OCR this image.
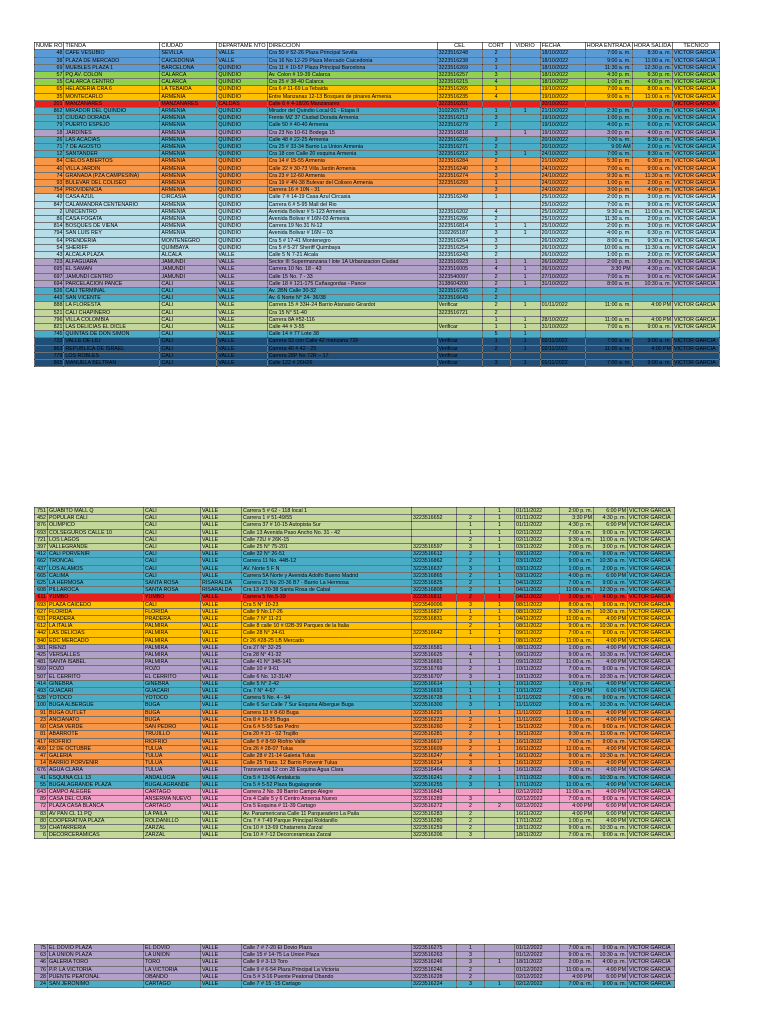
NUME RO	TIENDA	CIUDAD	DEPARTAME NTO	DIRECCION	CEL	CORT	VIDRIO	FECHA	HORA ENTRADA	HORA SALIDA	TECNICO
48	CAFE VESUBIO	SEVILLA	VALLE	Cra 50 # 52-26 Plaza Principal Sevilla	3223516248	2		18/10/2022	7:00 a. m.	8:30 a. m.	VICTOR GARCIA
38	PLAZA DE MERCADO	CAICEDONIA	VALLE	Cra 16 No 12-29 Plaza Mercado Caicedonia	3223516238	3		18/10/2022	9:00 a. m.	11:00 a. m.	VICTOR GARCIA
69	MUEBLES PLAZA 1	BARCELONA	QUINDIO	Cra 11 # 10-57 Plaza Principal Barcelona	3223516269	1		18/10/2022	11:30 a. m.	12:30 p. m.	VICTOR GARCIA
57	PQ AV. COLON	CALARCA	QUINDIO	Av. Colon # 19-39 Calarca	3223516257	3		18/10/2022	4:30 p. m.	6:30 p. m.	VICTOR GARCIA
15	CALARCA CENTRO	CALARCA	QUINDIO	Cra 25 # 38-40 Calarca	3223516215	4		18/10/2022	1:00 p. m.	4:00 p. m.	VICTOR GARCIA
65	HELADERIA CRA 6	LA TEBAIDA	QUINDIO	Cra 6 # 11-69 La Tebaida	3223516265	1		19/10/2022	7:00 a. m.	8:00 a. m.	VICTOR GARCIA
35	MONTECARLO	ARMENIA	QUINDIO	Entre Manzanas 12-13 Bosques de pinares Armenia	3223516235	4		19/10/2022	9:00 a. m.	11:00 a. m.	VICTOR GARCIA
201	MANZANARES	MANZANARES	CALDAS	Calle 6 # 4-18/26 Manzanares	3223516201			20/10/2022			VICTOR GARCIA
862	MIRADOR DEL QUINDIO	ARMENIA	QUINDIO	Mirador del Quindio Local 01 - Etapa II	3102265757	1	1	21/10/2022	2:30 p. m.	5:00 p. m.	VICTOR GARCIA
13	CIUDAD DORADA	ARMENIA	QUINDIO	Frente MZ 37 Ciudad Dorada Armenia	3223516213	3		19/10/2022	1:00 p. m.	3:00 p. m.	VICTOR GARCIA
79	PUERTO ESPEJO	ARMENIA	QUINDIO	Calle 50 # 40-40 Armenia	3223516279	2		19/10/2022	4:00 p. m.	6:00 p. m.	VICTOR GARCIA
18	JARDINES	ARMENIA	QUINDIO	Cra 23 No 10-61 Bodega 15	3223516818		1	19/10/2022	3:00 p. m.	4:00 p. m.	VICTOR GARCIA
26	LAS ACACIAS	ARMENIA	QUINDIO	Calle 48 # 22-25 Armenia	3223516226	3		20/10/2022	7:00 a. m.	8:30 a. m.	VICTOR GARCIA
71	7 DE AGOSTO	ARMENIA	QUINDIO	Cra 25 # 33-34 Barrio La Union Armenia	3223516271	2		20/10/2022	9:00 AM	2:00 p. m.	VICTOR GARCIA
12	SANTANDER	ARMENIA	QUINDIO	Cra 18 con Calle 20 esquina Armenia	3223516212	3	1	24/10/2022	7:00 a. m.	8:30 a. m.	VICTOR GARCIA
84	CIELOS ABIERTOS	ARMENIA	QUINDIO	Cra 14 # 15-55 Armenia	3223516284	2		21/10/2022	5:30 p. m.	6:30 p. m.	VICTOR GARCIA
40	VILLA JARDIN	ARMENIA	QUINDIO	Calle 22 # 30-73 Villa Jardin Armenia	3223516240	3		24/10/2022	7:00 a. m.	9:00 a. m.	VICTOR GARCIA
74	GRANADA (PZA CAMPESINA)	ARMENIA	QUINDIO	Cra 23 # 12-60 Armenia	3223516274	3		24/10/2022	9:30 a. m.	11:30 a. m.	VICTOR GARCIA
93	BULEVAR DEL COLISEO	ARMENIA	QUINDIO	Cra 19 # 4N-38 Bulevar del Coliseo Armenia	3223516293	1		24/10/2022	1:00 p. m.	2:00 p. m.	VICTOR GARCIA
754	PROVIDENCIA	ARMENIA	QUINDIO	Carrera 16 # 10N - 31		3		24/10/2022	3:00 p. m.	4:00 p. m.	VICTOR GARCIA
49	CASA AZUL	CIRCASIA	QUINDIO	Calle 7 # 14-19 Casa Azul Circasia	3223516249	1		25/10/2022	2:00 p. m.	3:00 p. m.	VICTOR GARCIA
847	CALAMANDRA CENTENARIO	ARMENIA	QUINDIO	Carrera 6 # 5-95 Mall del Rio				25/10/2022	7:00 a. m.	9:00 a. m.	VICTOR GARCIA
2	UNICENTRO	ARMENIA	QUINDIO	Avenida Bolivar # 5-123 Armenia	3223516202	4		25/10/2022	9:30 a. m.	11:00 a. m.	VICTOR GARCIA
86	CASA FOGATA	ARMENIA	QUINDIO	Avenida Bolivar # 16N-03 Armenia	3223516286	2		25/10/2022	11:30 a. m.	2:00 p. m.	VICTOR GARCIA
814	BOSQUES DE VIENA	ARMENIA	QUINDIO	Carrera 19 No.31 N-12	3223516814	1	1	25/10/2022	2:00 p. m.	3:00 p. m.	VICTOR GARCIA
794	SAN LUIS REY	ARMENIA	QUINDIO	Avenida Bolivar # 16N – 03	3102265187	3	1	20/10/2022	4:00 p. m.	6:30 p. m.	VICTOR GARCIA
64	PRENDERIA	MONTENEGRO	QUINDIO	Cra 5 # 17-41 Montenegro	3223516264	3		26/10/2022	8:00 a. m.	9:30 a. m.	VICTOR GARCIA
54	SHERIFF	QUIMBAYA	QUINDIO	Cra 5 # 5-27 Sheriff Quimbaya	3223516254	3		26/10/2022	10:00 a. m.	11:30 a. m.	VICTOR GARCIA
43	ALCALA PLAZA	ALCALA	VALLE	Calle 5 N 7-21 Alcala	3223516243	2		26/10/2022	1:00 p. m.	2:00 p. m.	VICTOR GARCIA
723	ALFAGUARA	JAMUNDI	VALLE	Sector III Supermanzana I lote 1A Urbanizacion Ciudad	3223516923	1	1	26/10/2022	2:00 p. m.	3:00 p. m.	VICTOR GARCIA
695	EL SAMAN	JAMUNDI	VALLE	Carrera 10 No. 18 - 43	3223516005	4	1	26/10/2022	3:30 PM	4:30 p. m.	VICTOR GARCIA
697	JAMUNDI CENTRO	JAMUNDI	VALLE	Calle 15 No. 7 - 33	3223540097	2	1	27/10/2022	7:00 a. m.	9:00 a. m.	VICTOR GARCIA
694	PARCELACION PANCE	CALI	VALLE	Calle 18 # 121-175 Cañasgordas - Pance	3138604200	2	1	31/10/2022	8:00 a. m.	10:30 a. m.	VICTOR GARCIA
526	CALI TERMINAL	CALI	VALLE	Av. 2BN Calle 30-32	3223516726	2					
443	SAN VICENTE	CALI	VALLE	Av. 6 Norte N° 24- 36/38	3223516643	2					
888	LA FLORESTA	CALI	VALLE	Carrera 15 # 33H-24 Barrio Atanasio Girardot	Verificar	2	1	01/11/2022	11:00 a. m.	4:00 PM	VICTOR GARCIA
521	CALI CHAPINERO	CALI	VALLE	Cra 15 N° 51-40	3223516721	2					
796	VILLA COLOMBIA	CALI	VALLE	Carrera 8A #52-116		1	1	28/10/2022	11:00 a. m.	4:00 PM	VICTOR GARCIA
821	LAS DELICIAS EL DICLE	CALI	VALLE	Calle 44 # 3-55	Verificar	1	1	31/10/2022	7:00 a. m.	9:00 a. m.	VICTOR GARCIA
745	QUINTAS DE DON SIMON	CALI	VALLE	Calle 14 # 77 Lote 38		5	1				
722	VALLE DE LILI	CALI	VALLE	Carrera 93 con Calle 42 manzana 72F	Verificar	1	1	02/11/2022	7:00 a. m.	9:00 a. m.	VICTOR GARCIA
863	REPUBLICA DE ISRAEL	CALI	VALLE	Carrera 40 # 42 - 25	Verificar	2	1	02/11/2022	11:00 a. m.	4:00 PM	VICTOR GARCIA
779	LOS ROBLES	CALI	VALLE	Carrera 28P No 72R – 17	Verificar						
865	MANUELA BELTRAN	CALI	VALLE	Calle 122 # 26H26	Verificar	3	1	01/11/2022	7:00 a. m.	9:00 a. m.	VICTOR GARCIA
751	GUABITO MALL Q	CALI	VALLE	Carrera 5 # 62 - 118 local 1			1	01/11/2022	2:00 p. m.	6:00 PM	VICTOR GARCIA
452	POPULAR CALI	CALI	VALLE	Carrera 1 # 51-49/55	3223516652	2	1	01/11/2022	3:30 PM	4:30 p. m.	VICTOR GARCIA
876	OLIMPICO	CALI	VALLE	Carrera 37 # 10-15 Autopista Sur		1	1	01/11/2022	4:30 p. m.	6:00 PM	VICTOR GARCIA
693	COLSEGUROS CALLE 10	CALI	VALLE	Calle 13 Avenida Paso Ancho No. 31 - 42		1	1	02/11/2022	7:00 a. m.	9:00 a. m.	VICTOR GARCIA
721	LOS LAGOS	CALI	VALLE	Calle 72U # 26K-15		2	1	02/11/2022	9:30 a. m.	11:00 a. m.	VICTOR GARCIA
397	VALLEGRANDE	CALI	VALLE	Calle 25 N° 75-201	3223516597	3	1	03/11/2022	2:00 p. m.	3:00 p. m.	VICTOR GARCIA
412	CALI PORVENIR	CALI	VALLE	Calle 32 N° 26-51	3223516612	2	1	03/11/2022	7:00 a. m.	9:00 a. m.	VICTOR GARCIA
662	TRONCAL	CALI	VALLE	Carrera 11 No. 44B-12	3223516862	2	1	03/11/2022	9:00 a. m.	10:30 a. m.	VICTOR GARCIA
437	LOS ALAMOS	CALI	VALLE	AV. Norte 5 F N	3223516637	3	1	03/11/2022	1:00 p. m.	2:00 p. m.	VICTOR GARCIA
665	CALIMA	CALI	VALLE	Carrera 5A Norte y Avenida Adolfo Bueno Madrid	3223516865	2	1	03/11/2022	4:00 p. m.	6:00 PM	VICTOR GARCIA
625	LA HERMOSA	SANTA ROSA	RISARALDA	Carrera 21 No 20-36 B7 - Barrio La Hermosa	3223516825	2	1	04/11/2022	7:00 a. m.	9:00 a. m.	VICTOR GARCIA
608	PILLAROCA	SANTA ROSA	RISARALDA	Cra 13 # 20-38 Santa Rosa de Cabal	3223516808	2	1	04/11/2022	11:00 a. m.	12:30 p. m.	VICTOR GARCIA
611	YUMBO	YUMBO	VALLE	Carrera 5 No.5-39	3223516811	2	1	04/11/2022	2:00 p. m.	4:00 p. m.	VICTOR GARCIA
693	PLAZA CAICEDO	CALI	VALLE	Cra 5 N° 10-23	3223549006	3	1	08/11/2022	8:00 a. m.	9:00 a. m.	VICTOR GARCIA
627	FLORIDA	FLORIDA	VALLE	Calle 9 No.17-26	3223516827	1	1	08/11/2022	9:30 a. m.	10:30 a. m.	VICTOR GARCIA
631	PRADERA	PRADERA	VALLE	Calle 7 N° 11-21	3223516831	2	1	04/11/2022	11:00 a. m.	4:00 PM	VICTOR GARCIA
612	LA ITALIA	PALMIRA	VALLE	Calle 8 calle 10 # 02B-39 Parques de la Italia		2	1	08/11/2022	9:00 a. m.	10:30 a. m.	VICTOR GARCIA
442	LAS DELICIAS	PALMIRA	VALLE	Calle 28 N° 24-61	3223516642	1	1	09/11/2022	7:00 a. m.	9:00 a. m.	VICTOR GARCIA
840	EDC MERCADO	PALMIRA	VALLE	Cr 26 #28-25 LB Mercado			1	08/11/2022	11:00 a. m.	4:00 PM	VICTOR GARCIA
381	RIENZI	PALMIRA	VALLE	Cra 27 N° 32-25	3223516581	1	1	08/11/2022	1:00 p. m.	4:00 PM	VICTOR GARCIA
425	VERSALLES	PALMIRA	VALLE	Cra 28 N° 41-32	3223516625	4	1	09/11/2022	9:00 a. m.	10:30 a. m.	VICTOR GARCIA
481	SANTA ISABEL	PALMIRA	VALLE	Calle 41 N° 34B-141	3223516681	1	1	09/11/2022	11:00 a. m.	4:00 PM	VICTOR GARCIA
569	ROZO	ROZO	VALLE	Calle 10 # 9-61	3223516769	2	1	10/11/2022	7:00 a. m.	9:00 a. m.	VICTOR GARCIA
507	EL CERRITO	EL CERRITO	VALLE	Calle 6 No. 12-31/47	3223516707	3	1	10/11/2022	9:00 a. m.	10:30 a. m.	VICTOR GARCIA
414	GINEBRA	GINEBRA	VALLE	Calle 5 N° 2-42	3223516614	1	1	10/11/2022	1:00 p. m.	4:00 PM	VICTOR GARCIA
493	GUACARI	GUACARI	VALLE	Cra 7 N° 4-67	3223516693	1	1	10/11/2022	4:00 PM	6:00 PM	VICTOR GARCIA
528	YOTOCO	YOTOCO	VALLE	Carrera 5 No. 4 - 94	3223516728	1	1	11/11/2022	7:00 a. m.	9:00 a. m.	VICTOR GARCIA
100	BUGA ALBERGUE	BUGA	VALLE	Calle 6 Sur Calle 7 Sur Esquina Albergue Buga	3223516300	3	1	11/11/2022	9:00 a. m.	10:30 a. m.	VICTOR GARCIA
91	BUGA OUTLET	BUGA	VALLE	Carrera 13 # 8-60 Buga	3223516291	1	1	11/11/2022	11:00 a. m.	4:00 PM	VICTOR GARCIA
23	ANCIANATO	BUGA	VALLE	Cra 8 # 16-35 Buga	3223516223	2	1	11/11/2022	1:00 p. m.	4:00 PM	VICTOR GARCIA
60	CASA VERDE	SAN PEDRO	VALLE	Cra 6 # 5-50 San Pedro	3223516260	2	1	15/11/2022	7:00 a. m.	9:00 a. m.	VICTOR GARCIA
81	ABARROTE	TRUJILLO	VALLE	Cra 20 # 21 - 02 Trujillo	3223516281	2	1	15/11/2022	9:30 a. m.	11:00 a. m.	VICTOR GARCIA
417	RIOFRIO	RIOFRIO	VALLE	Calle 5 # 8-59 Riofrio Valle	3223516617	3	1	16/11/2022	7:00 a. m.	9:00 a. m.	VICTOR GARCIA
409	12 DE OCTUBRE	TULUA	VALLE	Cra 26 # 28-07 Tulua	3223516609	2	1	16/11/2022	11:00 a. m.	4:00 PM	VICTOR GARCIA
47	GALERIA	TULUA	VALLE	Calle 28 # 21-14 Galeria Tulua	3223516247	4	1	16/11/2022	9:00 a. m.	10:30 a. m.	VICTOR GARCIA
14	BARRIO PORVENIR	TULUA	VALLE	Calle 25 Trans. 12 Barrio Porvenir Tulua	3223516214	3	1	16/11/2022	1:00 p. m.	4:00 PM	VICTOR GARCIA
676	AGUA CLARA	TULUA	VALLE	Transversal 12 con 28 Esquina Agua Clara	3223516464	4	1	16/11/2022	7:00 a. m.	4:00 PM	VICTOR GARCIA
41	ESQUINA CLL 13	ANDALUCIA	VALLE	Cra 5 # 13-06 Andalucia	3223516241	2	1	17/11/2022	9:00 a. m.	10:30 a. m.	VICTOR GARCIA
55	BUGALAGRANDE PLAZA	BUGALAGRANDE	VALLE	Cra 5 # 5-52 Plaza Bugalagrande	3223516255	3	1	17/11/2022	11:00 a. m.	4:00 PM	VICTOR GARCIA
643	CAMPO ALEGRE	CARTAGO	VALLE	Carrera 2 No. 39 Barrio Campo Alegre	3223516843		1	02/12/2022	11:00 a. m.	4:00 PM	VICTOR GARCIA
89	CASA DEL CURA	ANSERMA NUEVO	VALLE	Cra 4 Calle 5 y 6 Centro Ansersa Nuevo	3223516289	3		02/12/2022	7:00 a. m.	9:00 a. m.	VICTOR GARCIA
72	PLAZA CASA BLANCA	CARTAGO	VALLE	Cra 5 Esquina # 11-39 Cartago	3223516272	2	2	02/12/2022	4:00 PM	6:00 PM	VICTOR GARCIA
83	AV PAN CL 11 PQ	LA PAILA	VALLE	Av. Panamericana Calle 11 Parqueadero La Paila	3223516283	2		16/11/2022	4:00 PM	6:00 PM	VICTOR GARCIA
80	COOPERATIVA PLAZA	ROLDANILLO	VALLE	Cra 7 # 7-49 Parque Principal Roldanillo	3223516280	2		17/11/2022	1:00 p. m.	4:00 PM	VICTOR GARCIA
59	CHATARRERIA	ZARZAL	VALLE	Cra 10 # 13-69 Chatarreria Zarzal	3223516259	2		18/11/2022	9:00 a. m.	10:30 a. m.	VICTOR GARCIA
6	DECORCERAMICAS	ZARZAL	VALLE	Cra 10 # 7-12 Decorceramicas Zarzal	3223516206	3		18/11/2022	7:00 a. m.	9:00 a. m.	VICTOR GARCIA
75	EL DOVIO PLAZA	EL DOVIO	VALLE	Calle 7 # 7-20 El Dovio Plaza	3223516275	1		01/12/2022	7:00 a. m.	9:00 a. m.	VICTOR GARCIA
63	LA UNION PLAZA	LA UNION	VALLE	Calle 15 # 14-75 La Union Plaza	3223516263	3		01/12/2022	9:00 a. m.	10:30 a. m.	VICTOR GARCIA
46	GALERIA TORO	TORO	VALLE	Calle 9 # 3-13 Toro	3223516246	3	1	18/11/2022	2:00 p. m.	4:00 p. m.	VICTOR GARCIA
76	P.P. LA VICTORIA	LA VICTORIA	VALLE	Calle 9 # 6-54 Plaza Principal La Victoria	3223516246	2		01/12/2022	11:00 a. m.	4:00 PM	VICTOR GARCIA
28	PUENTE PEATONAL	OBANDO	VALLE	Cra 5 # 3-16 Puente Peatonal Obando	3223516228	2		02/12/2022	4:00 PM	6:00 PM	VICTOR GARCIA
24	SAN JERONIMO	CARTAGO	VALLE	Calle 7 # 15 -15 Cartago	3223516224	3	1	02/12/2022	7:00 a. m.	9:00 a. m.	VICTOR GARCIA
